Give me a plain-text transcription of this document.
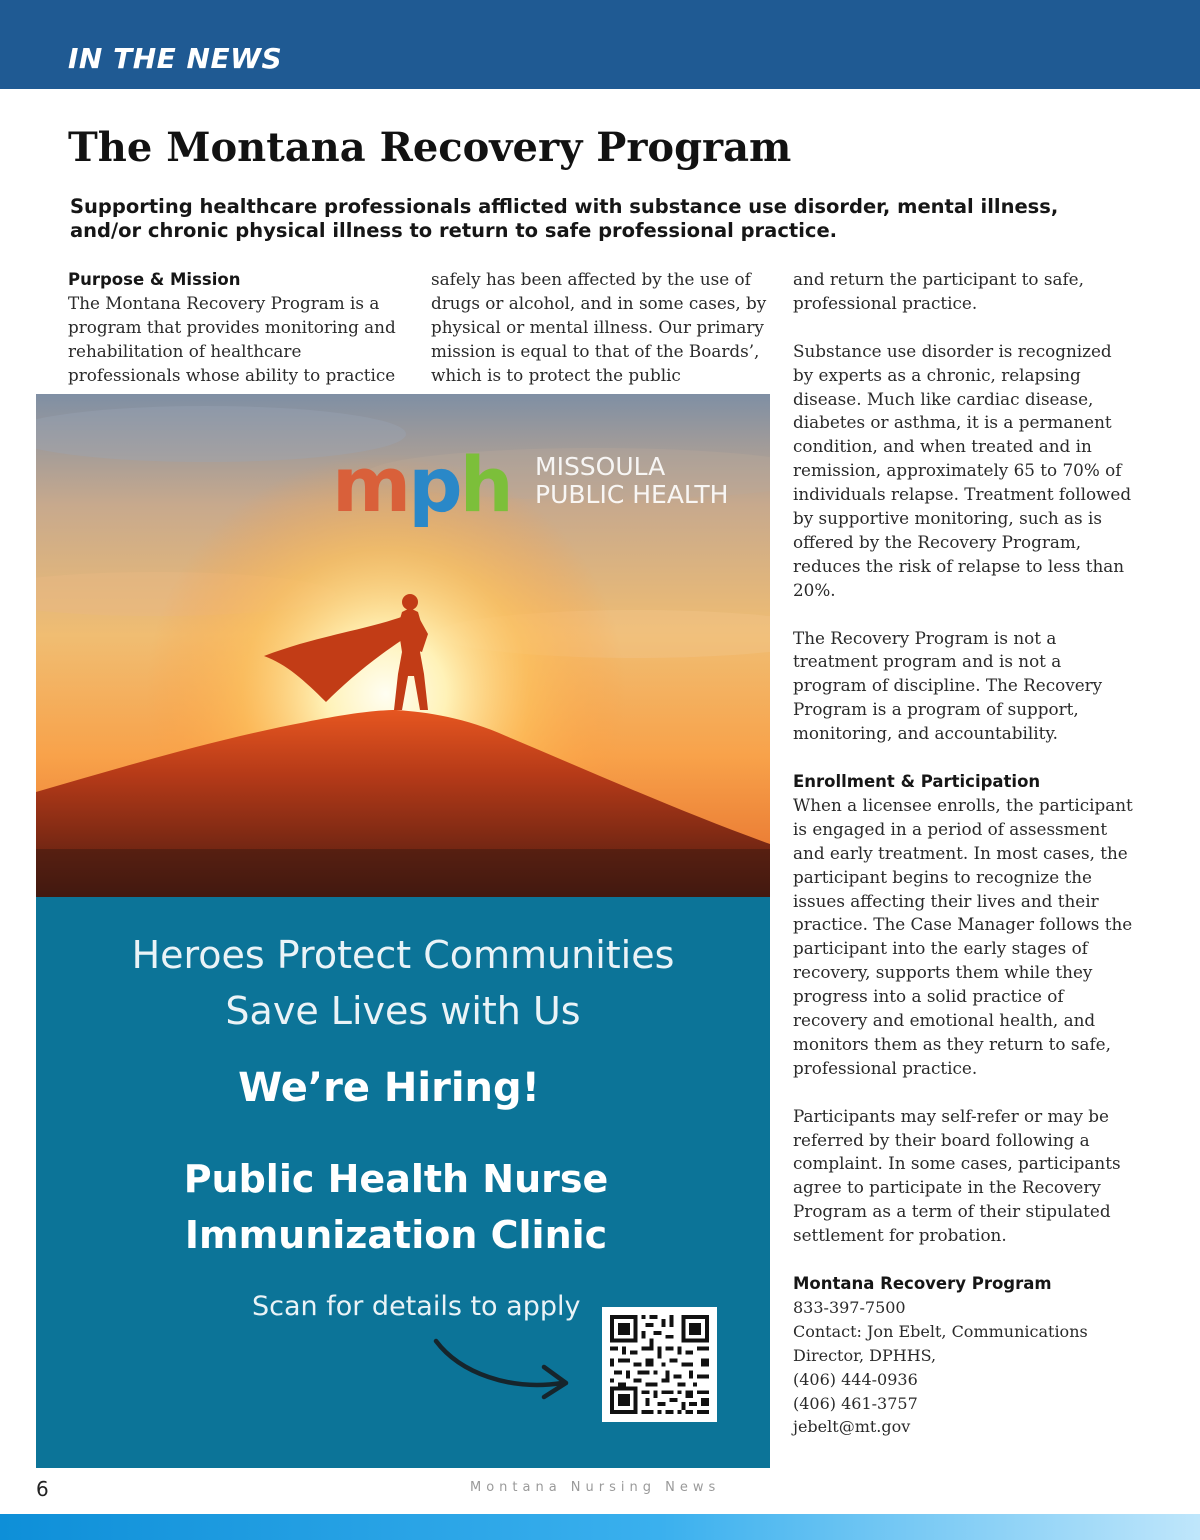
IN THE NEWS
The Montana Recovery Program

Supporting healthcare professionals afflicted with substance use disorder, mental illness, and/or chronic physical illness to return to safe professional practice.

Purpose & Mission

The Montana Recovery Program is a program that provides monitoring and rehabilitation of healthcare professionals whose ability to practice

safely has been affected by the use of drugs or alcohol, and in some cases, by physical or mental illness. Our primary mission is equal to that of the Boards’, which is to protect the public

and return the participant to safe, professional practice.

Substance use disorder is recognized by experts as a chronic, relapsing disease. Much like cardiac disease, diabetes or asthma, it is a permanent condition, and when treated and in remission, approximately 65 to 70% of individuals relapse. Treatment followed by supportive monitoring, such as is offered by the Recovery Program, reduces the risk of relapse to less than 20%.

The Recovery Program is not a treatment program and is not a program of discipline. The Recovery Program is a program of support, monitoring, and accountability.

Enrollment & Participation

When a licensee enrolls, the participant is engaged in a period of assessment and early treatment. In most cases, the participant begins to recognize the issues affecting their lives and their practice. The Case Manager follows the participant into the early stages of recovery, supports them while they progress into a solid practice of recovery and emotional health, and monitors them as they return to safe, professional practice.

Participants may self-refer or may be referred by their board following a complaint. In some cases, participants agree to participate in the Recovery Program as a term of their stipulated settlement for probation.

Montana Recovery Program

833-397-7500

Contact: Jon Ebelt, Communications

Director, DPHHS,

(406) 444-0936

(406) 461-3757

jebelt@mt.gov

mph MISSOULA
PUBLIC HEALTH
Heroes Protect Communities
Save Lives with Us
We’re Hiring!
Public Health Nurse
Immunization Clinic
Scan for details to apply
6	Montana Nursing News
